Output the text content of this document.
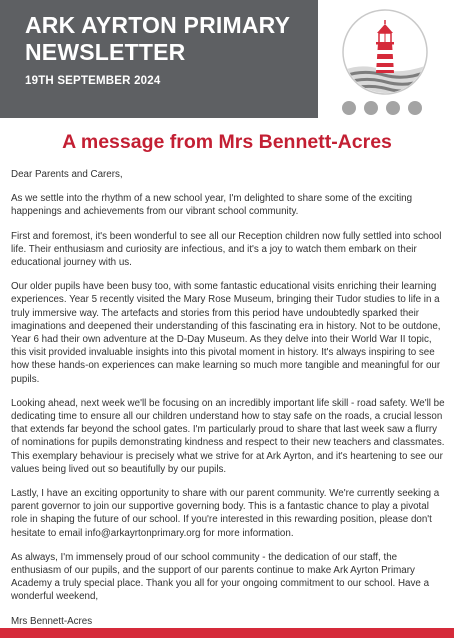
ARK AYRTON PRIMARY
NEWSLETTER
19TH SEPTEMBER 2024
A message from Mrs Bennett-Acres

Dear Parents and Carers,

As we settle into the rhythm of a new school year, I'm delighted to share some of the exciting happenings and achievements from our vibrant school community.

First and foremost, it's been wonderful to see all our Reception children now fully settled into school life. Their enthusiasm and curiosity are infectious, and it's a joy to watch them embark on their educational journey with us.

Our older pupils have been busy too, with some fantastic educational visits enriching their learning experiences. Year 5 recently visited the Mary Rose Museum, bringing their Tudor studies to life in a truly immersive way. The artefacts and stories from this period have undoubtedly sparked their imaginations and deepened their understanding of this fascinating era in history. Not to be outdone, Year 6 had their own adventure at the D-Day Museum. As they delve into their World War II topic, this visit provided invaluable insights into this pivotal moment in history. It's always inspiring to see how these hands-on experiences can make learning so much more tangible and meaningful for our pupils.

Looking ahead, next week we'll be focusing on an incredibly important life skill - road safety. We'll be dedicating time to ensure all our children understand how to stay safe on the roads, a crucial lesson that extends far beyond the school gates. I'm particularly proud to share that last week saw a flurry of nominations for pupils demonstrating kindness and respect to their new teachers and classmates. This exemplary behaviour is precisely what we strive for at Ark Ayrton, and it's heartening to see our values being lived out so beautifully by our pupils.

Lastly, I have an exciting opportunity to share with our parent community. We're currently seeking a parent governor to join our supportive governing body. This is a fantastic chance to play a pivotal role in shaping the future of our school. If you're interested in this rewarding position, please don't hesitate to email info@arkayrtonprimary.org for more information.

As always, I'm immensely proud of our school community - the dedication of our staff, the enthusiasm of our pupils, and the support of our parents continue to make Ark Ayrton Primary Academy a truly special place. Thank you all for your ongoing commitment to our school. Have a wonderful weekend,

Mrs Bennett-Acres
